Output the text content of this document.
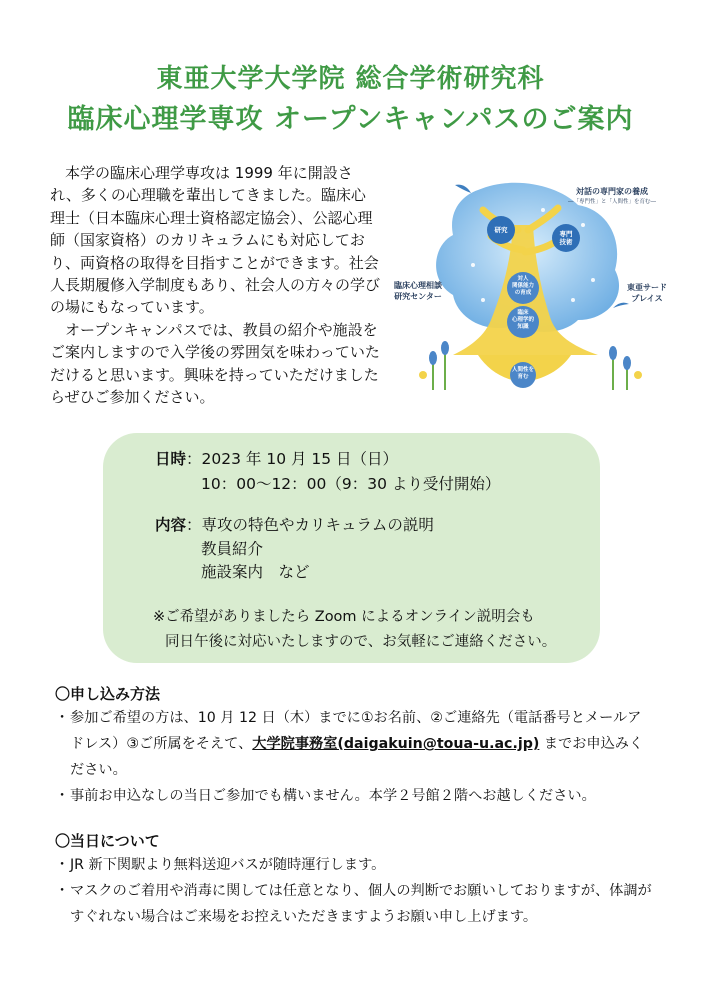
東亜大学大学院 総合学術研究科
臨床心理学専攻 オープンキャンパスのご案内

　本学の臨床心理学専攻は 1999 年に開設され、多くの心理職を輩出してきました。臨床心理士（日本臨床心理士資格認定協会）、公認心理師（国家資格）のカリキュラムにも対応しており、両資格の取得を目指すことができます。社会人長期履修入学制度もあり、社会人の方々の学びの場にもなっています。

　オープンキャンパスでは、教員の紹介や施設をご案内しますので入学後の雰囲気を味わっていただけると思います。興味を持っていただけましたらぜひご参加ください。

対話の専門家の養成
―「専門性」と「人間性」を育む―
臨床心理相談
研究センター
東亜サード
プレイス
研究	専門
技術
対人
関係能力
の育成
臨床
心理学的
知識
人間性を
育む
日時：2023 年 10 月 15 日（日）
10：00〜12：00（9：30 より受付開始）
内容：専攻の特色やカリキュラムの説明
教員紹介
施設案内　など
※ご希望がありましたら Zoom によるオンライン説明会も
同日午後に対応いたしますので、お気軽にご連絡ください。
〇申し込み方法
・ 参加ご希望の方は、10 月 12 日（木）までに①お名前、②ご連絡先（電話番号とメールアドレス）③ご所属をそえて、大学院事務室(daigakuin@toua-u.ac.jp) までお申込みください。
・ 事前お申込なしの当日ご参加でも構いません。本学２号館２階へお越しください。
〇当日について
・ JR 新下関駅より無料送迎バスが随時運行します。
・ マスクのご着用や消毒に関しては任意となり、個人の判断でお願いしておりますが、体調がすぐれない場合はご来場をお控えいただきますようお願い申し上げます。
